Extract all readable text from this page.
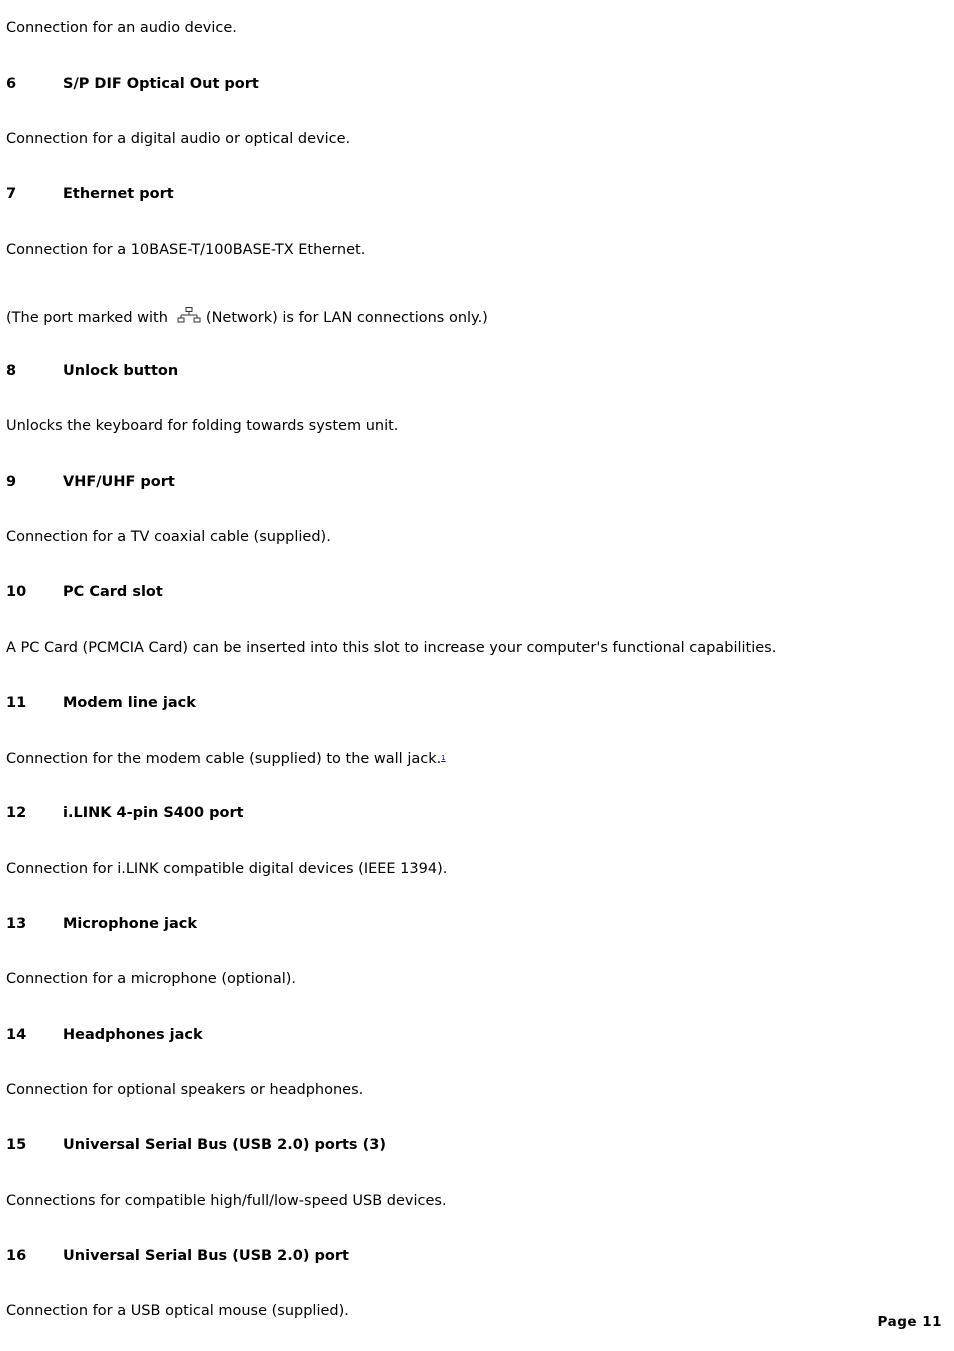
Connection for an audio device.
6	S/P DIF Optical Out port
Connection for a digital audio or optical device.
7	Ethernet port
Connection for a 10BASE-T/100BASE-TX Ethernet.
(The port marked with	(Network) is for LAN connections only.)
8	Unlock button
Unlocks the keyboard for folding towards system unit.
9	VHF/UHF port
Connection for a TV coaxial cable (supplied).
10	PC Card slot
A PC Card (PCMCIA Card) can be inserted into this slot to increase your computer's functional capabilities.
11	Modem line jack
Connection for the modem cable (supplied) to the wall jack.$^1$
12	i.LINK 4-pin S400 port
Connection for i.LINK compatible digital devices (IEEE 1394).
13	Microphone jack
Connection for a microphone (optional).
14	Headphones jack
Connection for optional speakers or headphones.
15	Universal Serial Bus (USB 2.0) ports (3)
Connections for compatible high/full/low-speed USB devices.
16	Universal Serial Bus (USB 2.0) port
Connection for a USB optical mouse (supplied).
Page 11
